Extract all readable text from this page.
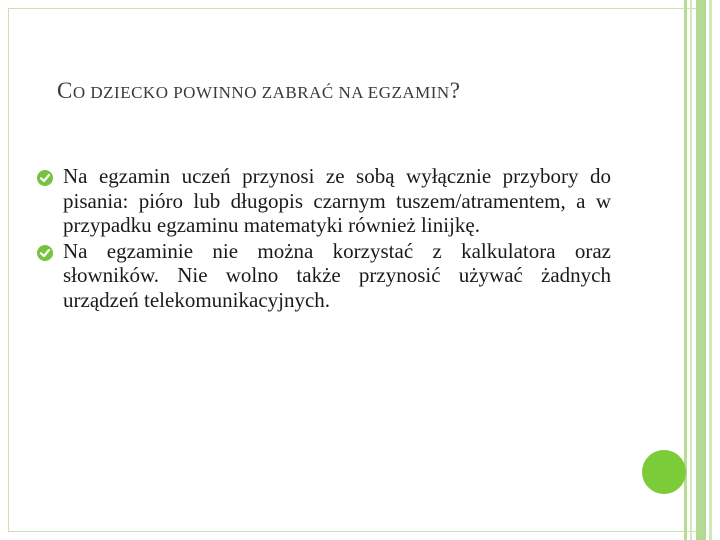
CO DZIECKO POWINNO ZABRAĆ NA EGZAMIN?

Na egzamin uczeń przynosi ze sobą wyłącznie przybory do pisania: pióro lub długopis czarnym tuszem/atramentem, a w przypadku egzaminu matematyki również linijkę.

Na egzaminie nie można korzystać z kalkulatora oraz słowników. Nie wolno także przynosić używać żadnych urządzeń telekomunikacyjnych.
